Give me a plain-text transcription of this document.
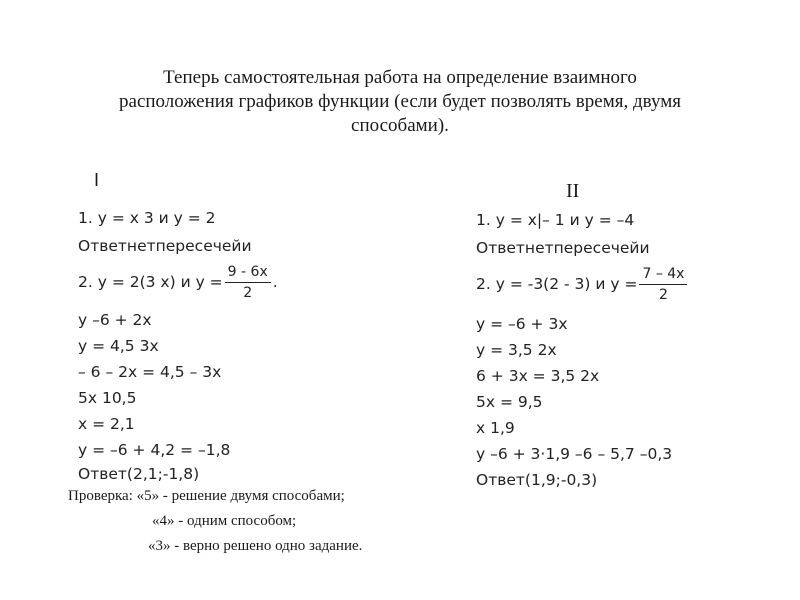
Теперь самостоятельная работа на определение взаимного
расположения графиков функции (если будет позволять время, двумя
способами).
I	II
1. y = x 3 и y = 2
Ответнетпересечейи
2. y = 2(3 x) и $y = \frac{9 - 6x}{2}$ .
y –6 + 2x
y = 4,5 3x
– 6 – 2x = 4,5 – 3x
5x 10,5
x = 2,1
y = –6 + 4,2 = –1,8
Ответ(2,1;-1,8)
1. y = x|– 1 и y = –4
Ответнетпересечейи
2. y = -3(2 - 3) и $y = \frac{7 - 4x}{2}$
y = –6 + 3x
y = 3,5 2x
6 + 3x = 3,5 2x
5x = 9,5
x 1,9
y –6 + 3·1,9 –6 – 5,7 –0,3
Ответ(1,9;-0,3)
Проверка: «5» - решение двумя способами;
«4» - одним способом;
«3» - верно решено одно задание.
